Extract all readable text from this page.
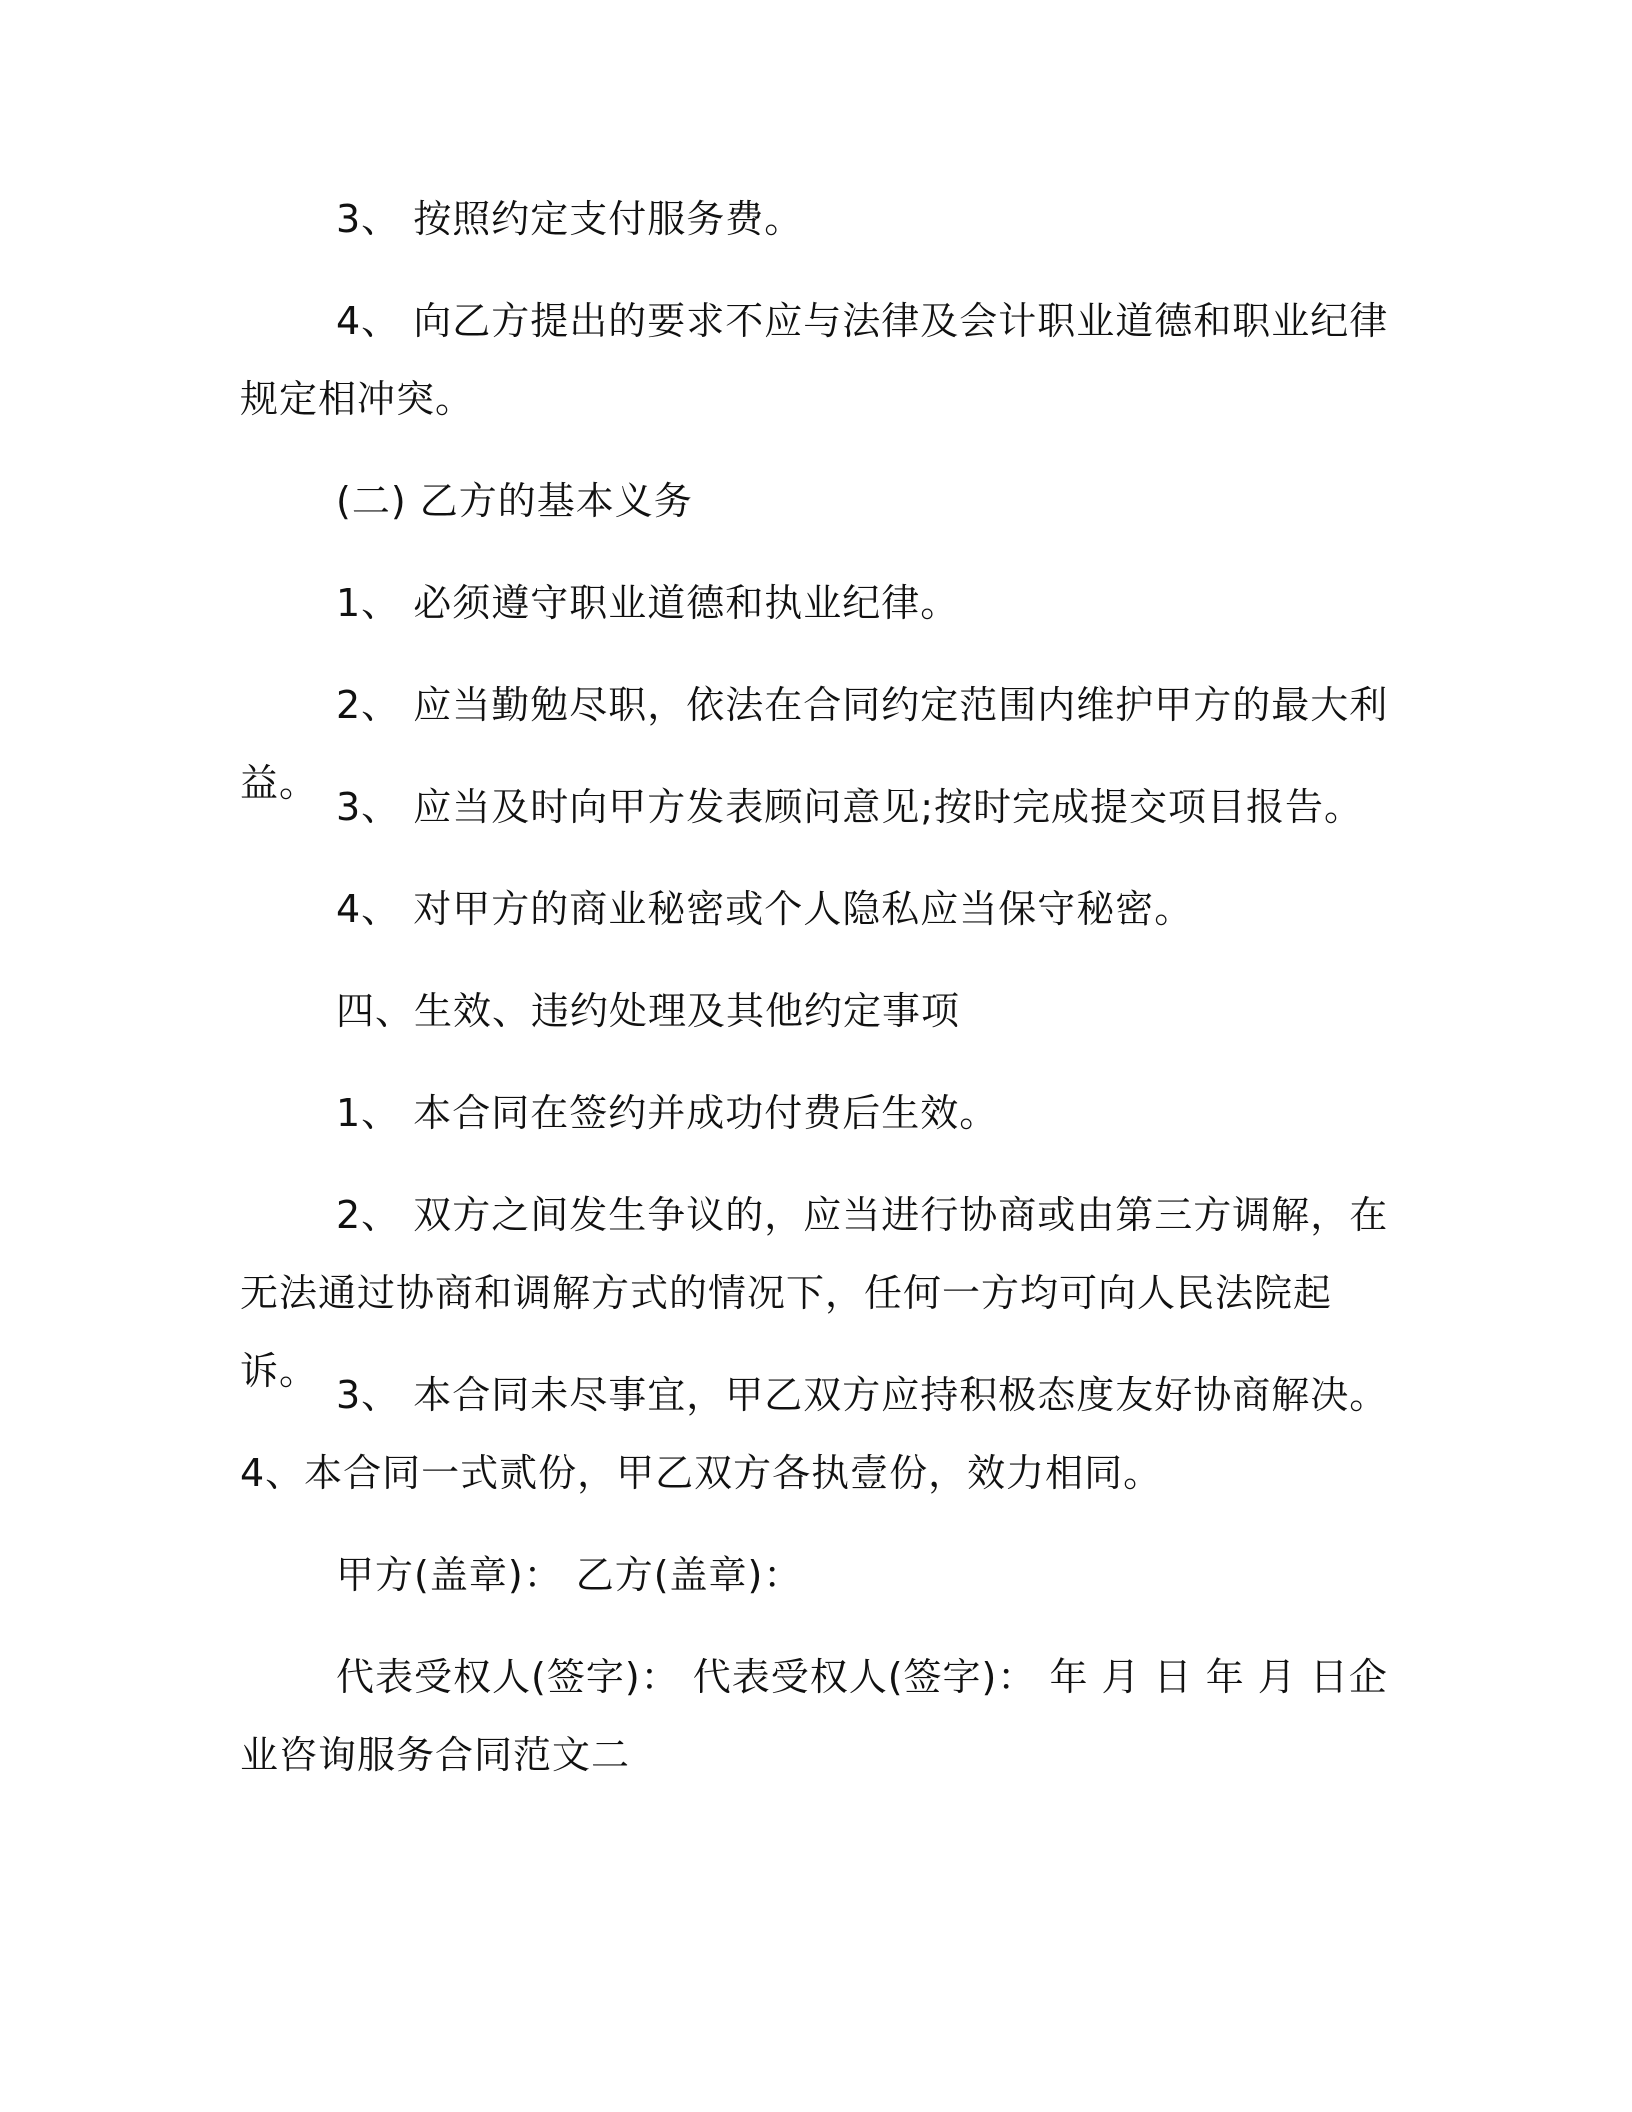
3、 按照约定支付服务费。

4、 向乙方提出的要求不应与法律及会计职业道德和职业纪律规定相冲突。

(二) 乙方的基本义务

1、 必须遵守职业道德和执业纪律。

2、 应当勤勉尽职，依法在合同约定范围内维护甲方的最大利益。

3、 应当及时向甲方发表顾问意见;按时完成提交项目报告。

4、 对甲方的商业秘密或个人隐私应当保守秘密。

四、生效、违约处理及其他约定事项

1、 本合同在签约并成功付费后生效。

2、 双方之间发生争议的，应当进行协商或由第三方调解，在无法通过协商和调解方式的情况下，任何一方均可向人民法院起诉。

3、 本合同未尽事宜，甲乙双方应持积极态度友好协商解决。 4、本合同一式贰份，甲乙双方各执壹份，效力相同。

甲方(盖章)： 乙方(盖章)：

代表受权人(签字)： 代表受权人(签字)： 年 月 日 年 月 日企业咨询服务合同范文二
